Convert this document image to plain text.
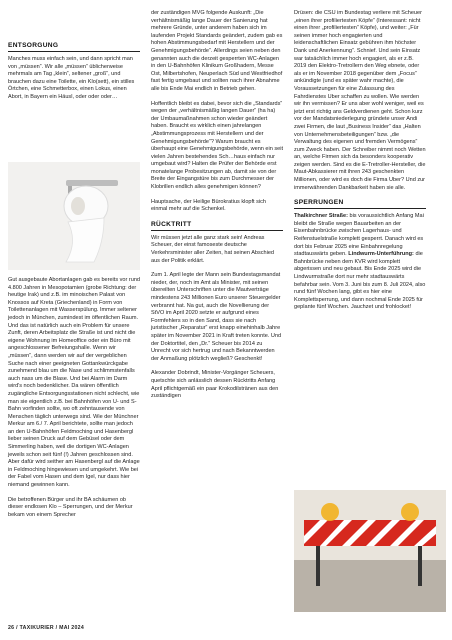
ENTSORGUNG

Manches muss einfach sein, und dann spricht man von „müssen“. Wir alle „müssen“ üblicherweise mehrmals am Tag „klein“, seltener „groß“, und brauchen dazu eine Toilette, ein Klo(sett), ein stilles Örtchen, eine Schmetterbox, einen Lokus, einen Abort, in Bayern ein Häusl, oder oder oder…

Gut ausgebaute Abortanlagen gab es bereits vor rund 4.800 Jahren in Mesopotamien (grobe Richtung: der heutige Irak) und z.B. im minoischen Palast von Knossos auf Kreta (Griechenland) in Form von Toilettenanlagen mit Wasserspülung. Immer seltener jedoch in München, zumindest im öffentlichen Raum. Und das ist natürlich auch ein Problem für unsere Zunft, deren Arbeitsplatz die Straße ist und nicht die eigene Wohnung im Homeoffice oder ein Büro mit angeschlossener Befreiungshalle. Wenn wir „müssen“, dann werden wir auf der vergeblichen Suche nach einer geeigneten Gottankwürckgabe zunehmend blau um die Nase und schlimmstenfalls auch nass um die Blase. Und bei Alarm im Darm wird's noch bedenklicher. Da wären öffentlich zugängliche Entsorgungsstationen nicht schlecht, wie man sie eigentlich z.B. bei Bahnhöfen von U- und S-Bahn vorfinden sollte, wo oft zehntausende von Menschen täglich unterwegs sind. Wie der Münchner Merkur am 6./ 7. April berichtete, sollte man jedoch an den U-Bahnhöfen Feldmoching und Hasenbergl lieber seinen Druck auf dem Gebüsel oder dem Simmerling haben, weil die dortigen WC-Anlagen jeweils schon seit fünf (!) Jahren geschlossen sind. Aber dafür wird seither am Hasenbergl auf die Anlage in Feldmoching hingewiesen und umgekehrt. Wie bei der Fabel vom Hasen und dem Igel, nur dass hier niemand gewinnen kann.

Die betroffenen Bürger und ihr BA schäumen ob dieser endlosen Klo – Sperrungen, und der Merkur bekam von einem Sprecher

der zuständigen MVG folgende Auskunft: „Die verhältnismäßig lange Dauer der Sanierung hat mehrere Gründe, unter anderem haben sich im laufenden Projekt Standards geändert, zudem gab es hohen Abstimmungsbedarf mit Herstellern und der Genehmigungsbehörde“. Allerdings seien neben den genannten auch die derzeit gesperrten WC-Anlagen in den U-Bahnhöfen Klinikum Großhadern, Messe Ost, Milbertshofen, Neuperlach Süd und Westfriedhof fast fertig umgebaut und sollten nach ihrer Abnahme alle bis Ende Mai endlich in Betrieb gehen.

Hoffentlich bleibt es dabei, bevor sich die „Standards“ wegen der „verhältnismäßig langen Dauer“ (ha ha) der Umbaumaßnahmen schon wieder geändert haben. Braucht es wirklich einen jahrelangen „Abstimmungsprozess mit Herstellern und der Genehmigungsbehörde“? Warum braucht es überhaupt eine Genehmigungsbehörde, wenn ein seit vielen Jahren bestehendes Sch…haus einfach nur umgebaut wird? Halten die Prüfer der Behörde erst monatelange Probesitzungen ab, damit sie von der Breite der Eingangstüre bis zum Durchmesser der Klobrillen endlich alles genehmigen können?

Hauptsache, der Heilige Bürokratius klopft sich einmal mehr auf die Schenkel.

RÜCKTRITT

Wir müssen jetzt alle ganz stark sein! Andreas Scheuer, der einst famoseste deutsche Verkehrsminister aller Zeiten, hat seinen Abschied aus der Politik erklärt.

Zum 1. April legte der Mann sein Bundestagsmandat nieder, der, noch im Amt als Minister, mit seinen übereilten Unterschriften unter die Mautverträge mindestens 243 Millionen Euro unserer Steuergelder verbrannt hat. Na gut, auch die Novellierung der StVO im April 2020 setzte er aufgrund eines Formfehlers so in den Sand, dass sie nach juristischer „Reparatur“ erst knapp einehinhalb Jahre später im November 2021 in Kraft treten konnte. Und der Doktortitel, den „Dr.“ Scheuer bis 2014 zu Unrecht vor sich hertrug und nach Bekanntwerden der Anmaßung plötzlich wegließ? Geschenkt!

Alexander Dobrindt, Minister-Vorgänger Scheuers, quetschte sich anlässlich dessen Rücktritts Anfang April pflichtgemäß ein paar Krokodilstränen aus den zuständigen

Drüsen: die CSU im Bundestag verliere mit Scheuer „einen ihrer profiliertesten Köpfe“ (Interessant: nicht einen ihrer „profiliertesten“ Köpfe), und weiter: „Für seinen immer hoch engagierten und leidenschaftlichen Einsatz gebühren ihm höchster Dank und Anerkennung“. Schnief. Und sein Einsatz war tatsächlich immer hoch engagiert, als er z.B. 2019 den Elektro-Tretrollern den Weg ebnete, oder als er im November 2018 gegenüber dem „Focus“ ankündigte (und es später wahr machte), die Voraussetzungen für eine Zulassung des Fahrdienstes Uber schaffen zu wollen. Wie werden wir ihn vermissen? Er uns aber wohl weniger, weil es jetzt erst richtig ans Geldverdienen geht. Schon kurz vor der Mandatsniederlegung gründete unser Andi zwei Firmen, die laut „Business Insider“ das „Halten von Unternehmensbeteiligungen“ bzw. „die Verwaltung des eigenen und fremden Vermögens“ zum Zweck haben. Der Schreiber nimmt noch Wetten an, welche Firmen sich da besonders kooperativ zeigen werden. Sind es die E-Tretroller-Hersteller, die Maut-Abkassierer mit ihren 243 geschenkten Millionen, oder wird es doch die Firma Uber? Und zur immerwährenden Dankbarkeit haben sie alle.

SPERRUNGEN

Thalkirchner Straße: bis voraussichtlich Anfang Mai bleibt die Straße wegen Bauarbeiten an der Eisenbahnbrücke zwischen Lagerhaus- und Reifenstuelstraße komplett gesperrt. Danach wird es dort bis Februar 2025 eine Einbahnregelung stadtauswärts geben. Lindwurm-Unterführung: die Bahnbrücke neben dem KVR wird komplett abgerissen und neu gebaut. Bis Ende 2025 wird die Lindwurmstraße dort nur mehr stadtauswärts befahrbar sein. Vom 3. Juni bis zum 8. Juli 2024, also rund fünf Wochen lang, gibt es hier eine Komplettsperrung, und dann nochmal Ende 2025 für geplante fünf Wochen. Jauchzet und frohlocket!

26 / TAXIKURIER / MAI 2024
